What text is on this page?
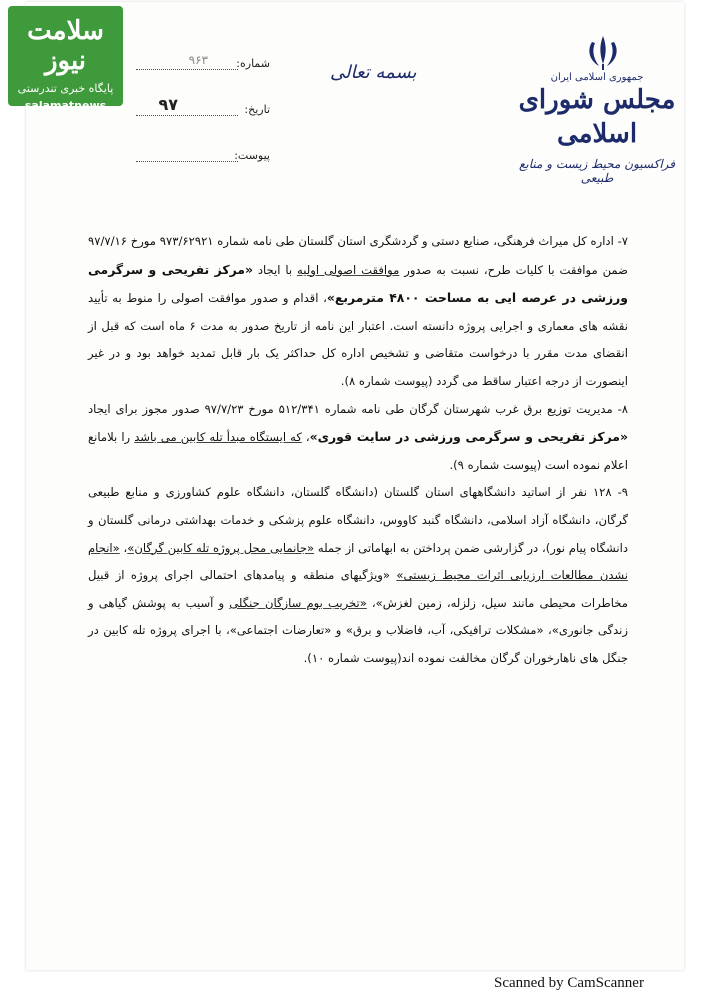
سلامت نیوز
پایگاه خبری تندرستی
salamatnews
شماره:
۹۶۳
تاریخ:
۹۷
پیوست:
بسمه تعالی	جمهوری اسلامی ایران
مجلس شورای اسلامی
فراکسیون محیط زیست و منابع طبیعی

۷- اداره کل میراث فرهنگی، صنایع دستی و گردشگری استان گلستان طی نامه شماره ۹۷۳/۶۲۹۲۱ مورخ ۹۷/۷/۱۶ ضمن موافقت با کلیات طرح، نسبت به صدور موافقت اصولی اولیه با ایجاد «مرکز تفریحی و سرگرمی ورزشی در عرصه ایی به مساحت ۴۸۰۰ مترمربع»، اقدام و صدور موافقت اصولی را منوط به تأیید نقشه های معماری و اجرایی پروژه دانسته است. اعتبار این نامه از تاریخ صدور به مدت ۶ ماه است که قبل از انقضای مدت مقرر با درخواست متقاضی و تشخیص اداره کل حداکثر یک بار قابل تمدید خواهد بود و در غیر اینصورت از درجه اعتبار ساقط می گردد (پیوست شماره ۸).

۸- مدیریت توزیع برق غرب شهرستان گرگان طی نامه شماره ۵۱۲/۳۴۱ مورخ ۹۷/۷/۲۳ صدور مجوز برای ایجاد «مرکز تفریحی و سرگرمی ورزشی در سایت قوری»، که ایستگاه مبدأ تله کابین می باشد را بلامانع اعلام نموده است (پیوست شماره ۹).

۹- ۱۲۸ نفر از اساتید دانشگاههای استان گلستان (دانشگاه گلستان، دانشگاه علوم کشاورزی و منابع طبیعی گرگان، دانشگاه آزاد اسلامی، دانشگاه گنبد کاووس، دانشگاه علوم پزشکی و خدمات بهداشتی درمانی گلستان و دانشگاه پیام نور)، در گزارشی ضمن پرداختن به ابهاماتی از جمله «جانمایی محل پروژه تله کابین گرگان»، «انجام نشدن مطالعات ارزیابی اثرات محیط زیستی» «ویژگیهای منطقه و پیامدهای احتمالی اجرای پروژه از قبیل مخاطرات محیطی مانند سیل، زلزله، زمین لغزش»، «تخریب بوم سازگان جنگلی و آسیب به پوشش گیاهی و زندگی جانوری»، «مشکلات ترافیکی، آب، فاضلاب و برق» و «تعارضات اجتماعی»، با اجرای پروژه تله کابین در جنگل های ناهارخوران گرگان مخالفت نموده اند(پیوست شماره ۱۰).

Scanned by CamScanner
